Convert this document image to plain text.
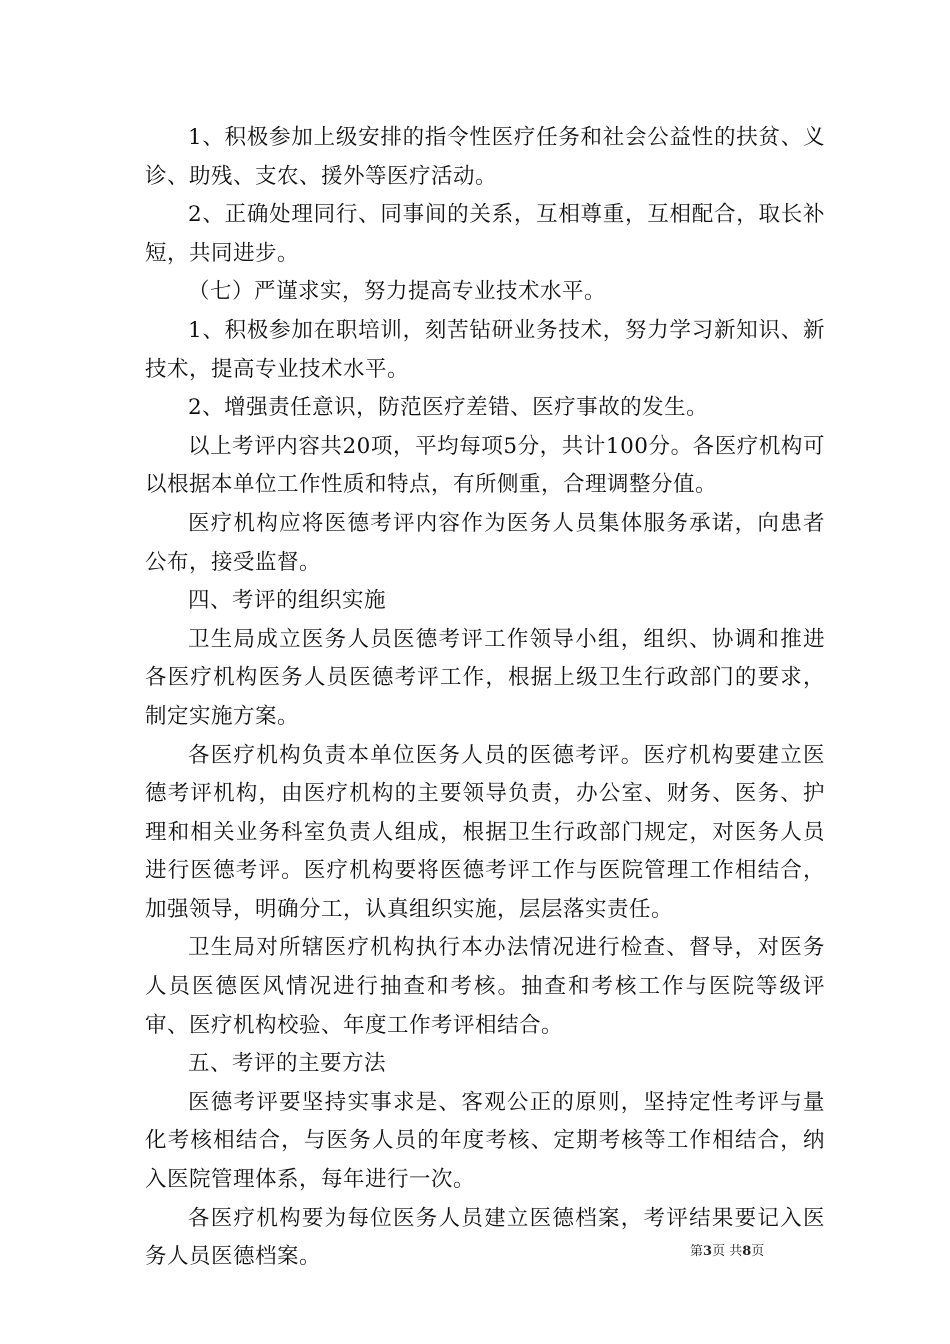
1、积极参加上级安排的指令性医疗任务和社会公益性的扶贫、义诊、助残、支农、援外等医疗活动。

2、正确处理同行、同事间的关系，互相尊重，互相配合，取长补短，共同进步。

（七）严谨求实，努力提高专业技术水平。

1、积极参加在职培训，刻苦钻研业务技术，努力学习新知识、新技术，提高专业技术水平。

2、增强责任意识，防范医疗差错、医疗事故的发生。

以上考评内容共20项，平均每项5分，共计100分。各医疗机构可以根据本单位工作性质和特点，有所侧重，合理调整分值。

医疗机构应将医德考评内容作为医务人员集体服务承诺，向患者公布，接受监督。

四、考评的组织实施

卫生局成立医务人员医德考评工作领导小组，组织、协调和推进各医疗机构医务人员医德考评工作，根据上级卫生行政部门的要求，制定实施方案。

各医疗机构负责本单位医务人员的医德考评。医疗机构要建立医德考评机构，由医疗机构的主要领导负责，办公室、财务、医务、护理和相关业务科室负责人组成，根据卫生行政部门规定，对医务人员进行医德考评。医疗机构要将医德考评工作与医院管理工作相结合，加强领导，明确分工，认真组织实施，层层落实责任。

卫生局对所辖医疗机构执行本办法情况进行检查、督导，对医务人员医德医风情况进行抽查和考核。抽查和考核工作与医院等级评审、医疗机构校验、年度工作考评相结合。

五、考评的主要方法

医德考评要坚持实事求是、客观公正的原则，坚持定性考评与量化考核相结合，与医务人员的年度考核、定期考核等工作相结合，纳入医院管理体系，每年进行一次。

各医疗机构要为每位医务人员建立医德档案，考评结果要记入医务人员医德档案。	第3页 共8页
